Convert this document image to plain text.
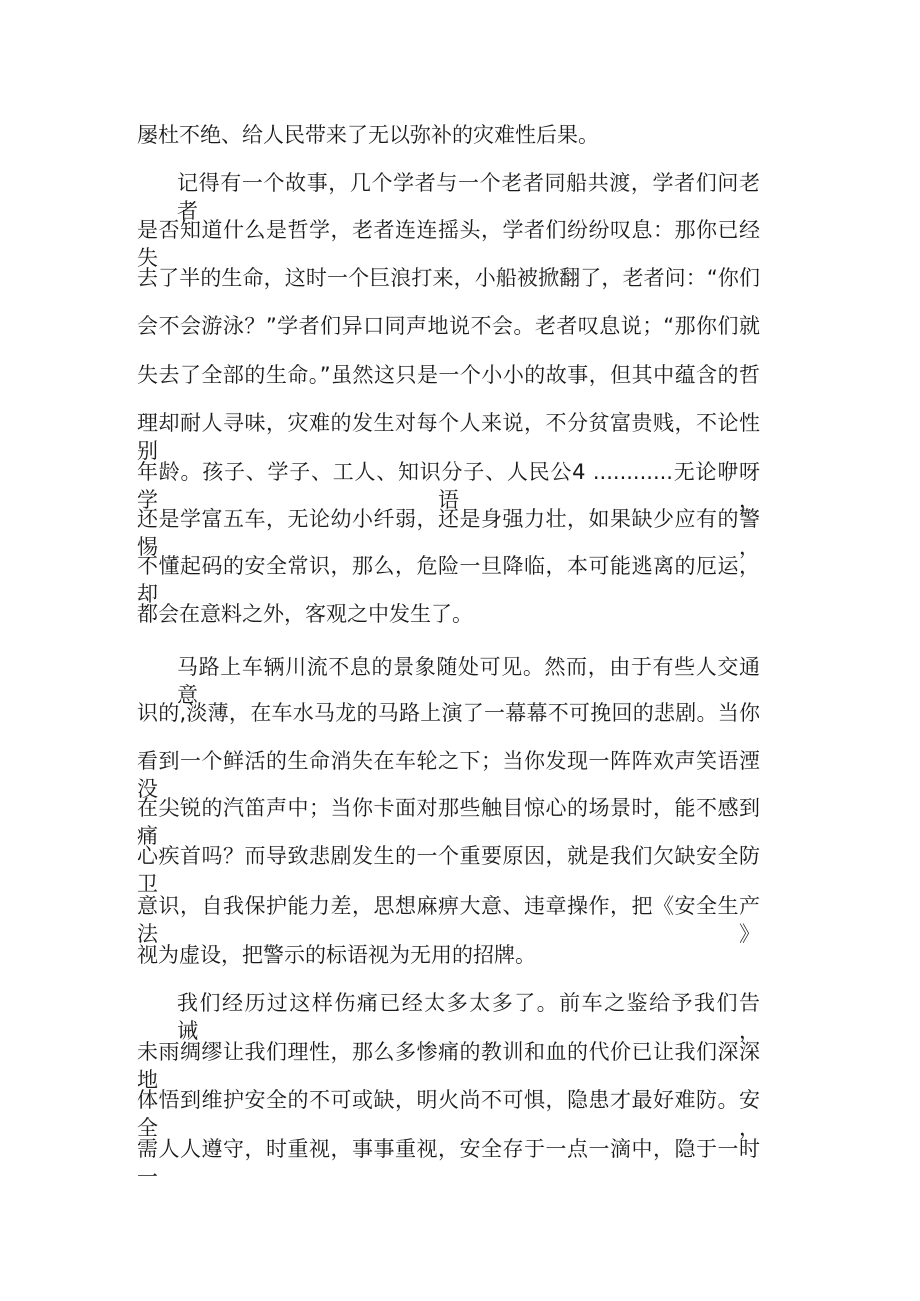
屡杜不绝、给人民带来了无以弥补的灾难性后果。
记得有一个故事，几个学者与一个老者同船共渡，学者们问老者
是否知道什么是哲学，老者连连摇头，学者们纷纷叹息：那你已经失
去了半的生命，这时一个巨浪打来，小船被掀翻了，老者问：“你们
会不会游泳？”学者们异口同声地说不会。老者叹息说；“那你们就
失去了全部的生命。”虽然这只是一个小小的故事，但其中蕴含的哲
理却耐人寻味，灾难的发生对每个人来说，不分贫富贵贱，不论性别
年龄。孩子、学子、工人、知识分子、人民公4 ............无论咿呀学语，
还是学富五车，无论幼小纤弱，还是身强力壮，如果缺少应有的警惕，
不懂起码的安全常识，那么，危险一旦降临，本可能逃离的厄运，却
都会在意料之外，客观之中发生了。
马路上车辆川流不息的景象随处可见。然而，由于有些人交通意
识的,淡薄，在车水马龙的马路上演了一幕幕不可挽回的悲剧。当你
看到一个鲜活的生命消失在车轮之下；当你发现一阵阵欢声笑语湮没
在尖锐的汽笛声中；当你卡面对那些触目惊心的场景时，能不感到痛
心疾首吗？而导致悲剧发生的一个重要原因，就是我们欠缺安全防卫
意识，自我保护能力差，思想麻痹大意、违章操作，把《安全生产法》
视为虚设，把警示的标语视为无用的招牌。
我们经历过这样伤痛已经太多太多了。前车之鉴给予我们告诫，
未雨绸缪让我们理性，那么多惨痛的教训和血的代价已让我们深深地
体悟到维护安全的不可或缺，明火尚不可惧，隐患才最好难防。安全，
需人人遵守，时重视，事事重视，安全存于一点一滴中，隐于一时一
